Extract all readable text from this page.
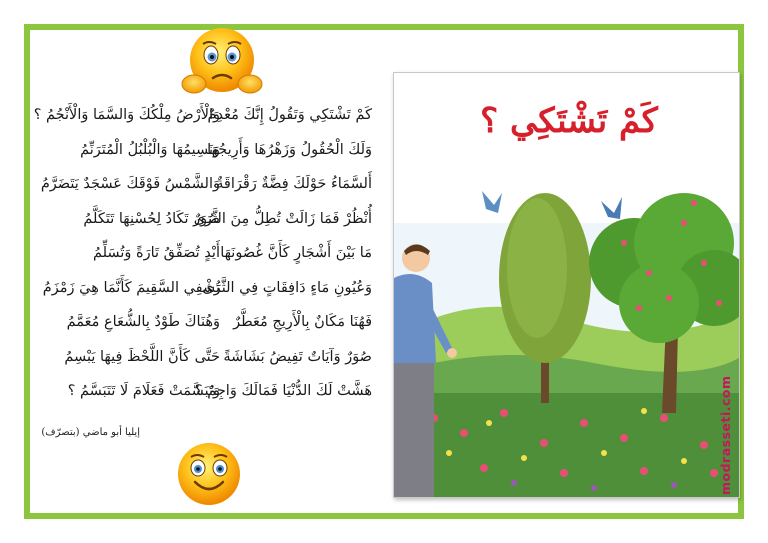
كَمْ تَشْتَكِي وَتَقُولُ إِنَّكَ مُعْدِمٌ
وَلَكَ الْحُقُولُ وَزَهْرُهَا وَأَرِيجُهَا
أَلسَّمَاءُ حَوْلَكَ فِضَّةٌ رَقْرَاقَةٌ
أُنْظُرْ فَمَا زَالَتْ تُطِلُّ مِنَ الثَّرَى
مَا بَيْنَ أَشْجَارٍ كَأَنَّ غُصُونَهَا
وَعُيُونِ مَاءٍ دَافِقَاتٍ فِي الثَّرَى
فَهُنَا مَكَانٌ بِالْأَرِيجِ مُعَطَّرٌ
صُوَرٌ وَآيَاتٌ تَفِيضُ بَشَاشَةً
هَشَّتْ لَكَ الدُّنْيَا فَمَالَكَ وَاجِمٌ ؟
وَالْأَرْضُ مِلْكُكَ وَالسَّمَا وَالْأَنْجُمُ ؟
وَنَسِيمُهَا وَالْبُلْبُلُ الْمُتَرَنِّمُ
وَالشَّمْسُ فَوْقَكَ عَسْجَدٌ يَتَضَرَّمُ
صُوَرٌ تَكَادُ لِحُسْنِهَا تَتَكَلَّمُ
أَيْدٍ تُصَفِّقُ تَارَةً وَتُسَلِّمُ
تُشْفِي السَّقِيمَ كَأَنَّمَا هِيَ زَمْزَمُ
وَهُنَاكَ طَوْدٌ بِالشُّعَاعِ مُعَمَّمُ
حَتَّى كَأَنَّ اللَّحْظَ فِيهَا يَبْسِمُ
وَتَبَسَّمَتْ فَعَلَامَ لَا تَتَبَسَّمُ ؟
إيليا أبو ماضي (بتصرّف)
كَمْ تَشْتَكِي ؟
modrasseti.com
